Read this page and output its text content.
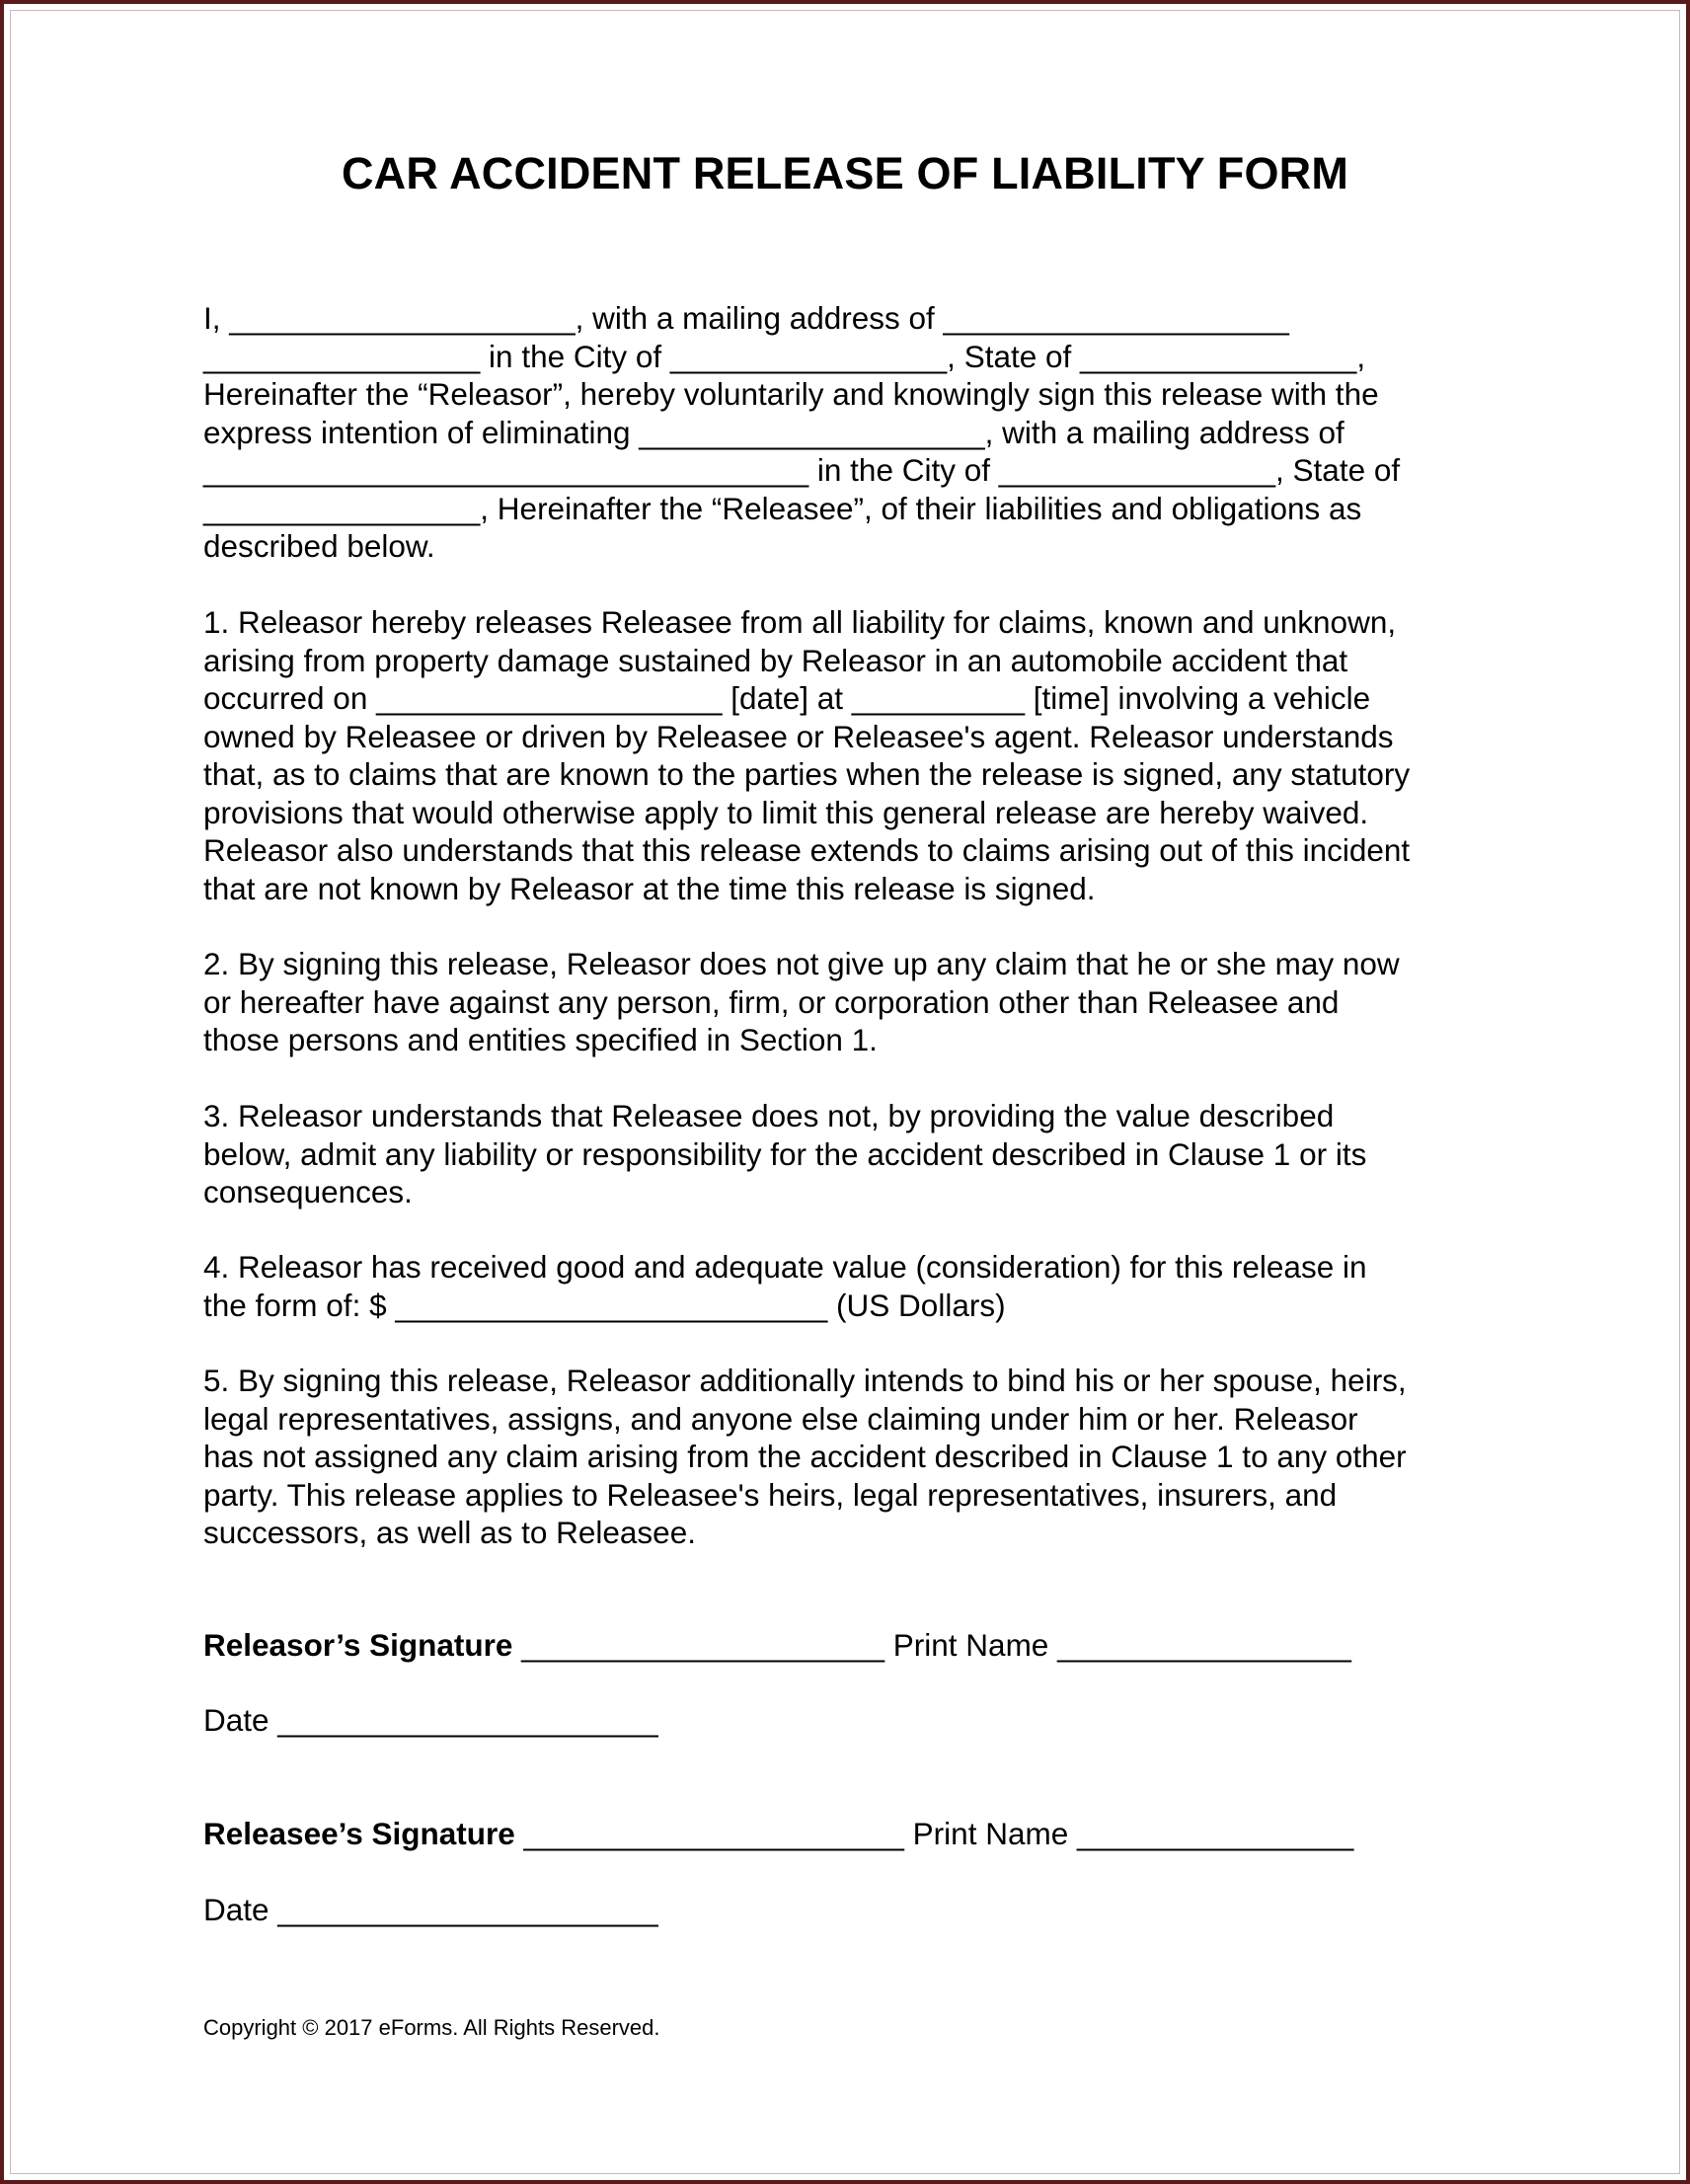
CAR ACCIDENT RELEASE OF LIABILITY FORM
I, ____________________, with a mailing address of ____________________
________________ in the City of ________________, State of ________________,
Hereinafter the “Releasor”, hereby voluntarily and knowingly sign this release with the
express intention of eliminating ____________________, with a mailing address of
___________________________________ in the City of ________________, State of
________________, Hereinafter the “Releasee”, of their liabilities and obligations as
described below.
1. Releasor hereby releases Releasee from all liability for claims, known and unknown,
arising from property damage sustained by Releasor in an automobile accident that
occurred on ____________________ [date] at __________ [time] involving a vehicle
owned by Releasee or driven by Releasee or Releasee's agent. Releasor understands
that, as to claims that are known to the parties when the release is signed, any statutory
provisions that would otherwise apply to limit this general release are hereby waived.
Releasor also understands that this release extends to claims arising out of this incident
that are not known by Releasor at the time this release is signed.
2. By signing this release, Releasor does not give up any claim that he or she may now
or hereafter have against any person, firm, or corporation other than Releasee and
those persons and entities specified in Section 1.
3. Releasor understands that Releasee does not, by providing the value described
below, admit any liability or responsibility for the accident described in Clause 1 or its
consequences.
4. Releasor has received good and adequate value (consideration) for this release in
the form of: $ _________________________ (US Dollars)
5. By signing this release, Releasor additionally intends to bind his or her spouse, heirs,
legal representatives, assigns, and anyone else claiming under him or her. Releasor
has not assigned any claim arising from the accident described in Clause 1 to any other
party. This release applies to Releasee's heirs, legal representatives, insurers, and
successors, as well as to Releasee.
Releasor’s Signature _____________________ Print Name _________________
Date ______________________
Releasee’s Signature ______________________ Print Name ________________
Date ______________________
Copyright © 2017 eForms. All Rights Reserved.
